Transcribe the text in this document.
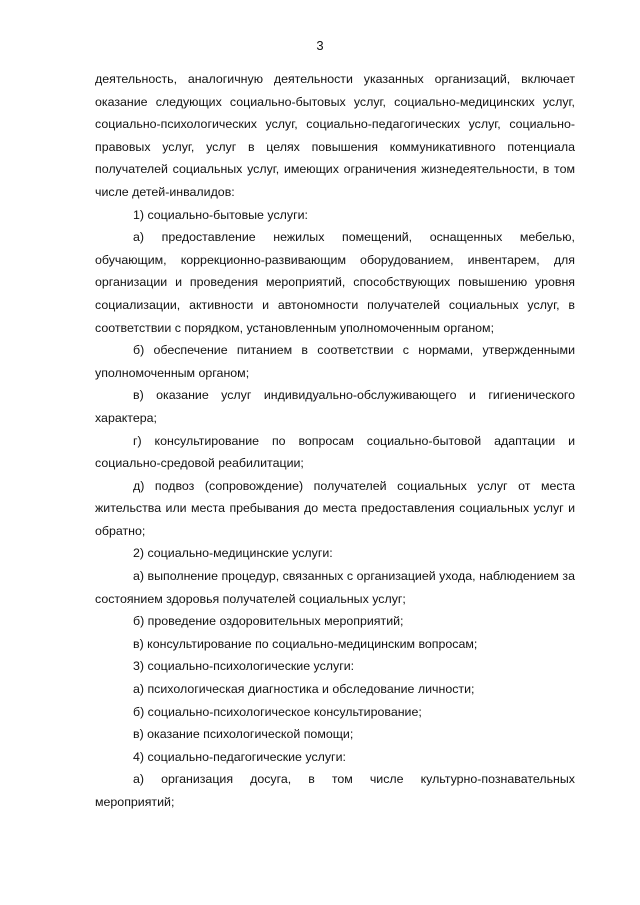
3

деятельность, аналогичную деятельности указанных организаций, включает оказание следующих социально-бытовых услуг, социально-медицинских услуг, социально-психологических услуг, социально-педагогических услуг, социально-правовых услуг, услуг в целях повышения коммуникативного потенциала получателей социальных услуг, имеющих ограничения жизнедеятельности, в том числе детей-инвалидов:

1) социально-бытовые услуги:

а) предоставление нежилых помещений, оснащенных мебелью, обучающим, коррекционно-развивающим оборудованием, инвентарем, для организации и проведения мероприятий, способствующих повышению уровня социализации, активности и автономности получателей социальных услуг, в соответствии с порядком, установленным уполномоченным органом;

б) обеспечение питанием в соответствии с нормами, утвержденными уполномоченным органом;

в) оказание услуг индивидуально-обслуживающего и гигиенического характера;

г) консультирование по вопросам социально-бытовой адаптации и социально-средовой реабилитации;

д) подвоз (сопровождение) получателей социальных услуг от места жительства или места пребывания до места предоставления социальных услуг и обратно;

2) социально-медицинские услуги:

а) выполнение процедур, связанных с организацией ухода, наблюдением за состоянием здоровья получателей социальных услуг;

б) проведение оздоровительных мероприятий;

в) консультирование по социально-медицинским вопросам;

3) социально-психологические услуги:

а) психологическая диагностика и обследование личности;

б) социально-психологическое консультирование;

в) оказание психологической помощи;

4) социально-педагогические услуги:

а) организация досуга, в том числе культурно-познавательных мероприятий;
